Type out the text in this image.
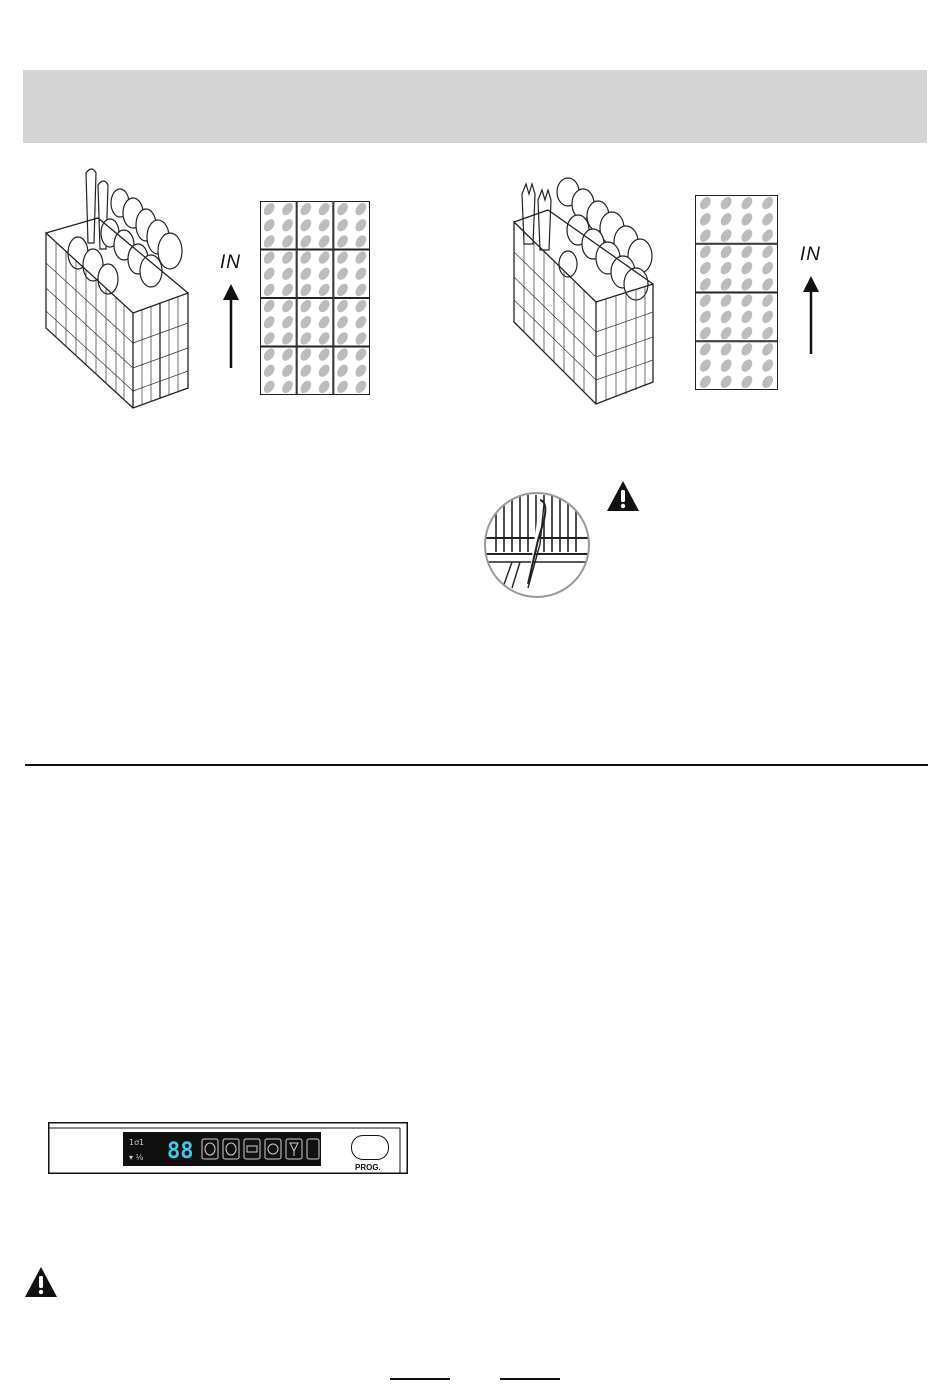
IN	IN
1ơ1
▾ ⅛ 88
PROG.
